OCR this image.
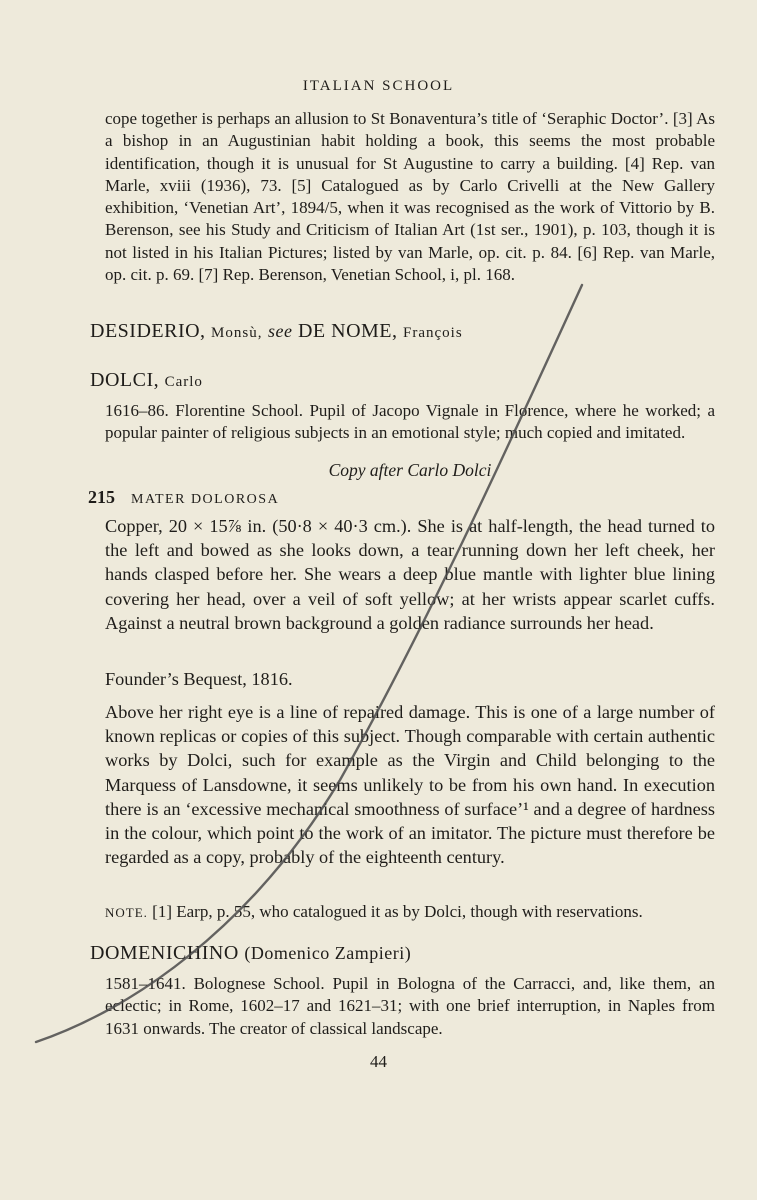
ITALIAN SCHOOL
cope together is perhaps an allusion to St Bonaventura’s title of ‘Seraphic Doctor’. [3] As a bishop in an Augustinian habit holding a book, this seems the most probable identification, though it is unusual for St Augustine to carry a building. [4] Rep. van Marle, xviii (1936), 73. [5] Catalogued as by Carlo Crivelli at the New Gallery exhibition, ‘Venetian Art’, 1894/5, when it was recognised as the work of Vittorio by B. Berenson, see his Study and Criticism of Italian Art (1st ser., 1901), p. 103, though it is not listed in his Italian Pictures; listed by van Marle, op. cit. p. 84. [6] Rep. van Marle, op. cit. p. 69. [7] Rep. Berenson, Venetian School, i, pl. 168.
DESIDERIO, Monsù, see DE NOME, François
DOLCI, Carlo
1616–86. Florentine School. Pupil of Jacopo Vignale in Florence, where he worked; a popular painter of religious subjects in an emotional style; much copied and imitated.
Copy after Carlo Dolci
215 MATER DOLOROSA
Copper, 20 × 15⅞ in. (50·8 × 40·3 cm.). She is at half-length, the head turned to the left and bowed as she looks down, a tear running down her left cheek, her hands clasped before her. She wears a deep blue mantle with lighter blue lining covering her head, over a veil of soft yellow; at her wrists appear scarlet cuffs. Against a neutral brown background a golden radiance surrounds her head.
Founder’s Bequest, 1816.
Above her right eye is a line of repaired damage. This is one of a large number of known replicas or copies of this subject. Though comparable with certain authentic works by Dolci, such for example as the Virgin and Child belonging to the Marquess of Lansdowne, it seems unlikely to be from his own hand. In execution there is an ‘excessive mechanical smoothness of surface’¹ and a degree of hardness in the colour, which point to the work of an imitator. The picture must therefore be regarded as a copy, probably of the eighteenth century.
NOTE. [1] Earp, p. 55, who catalogued it as by Dolci, though with reservations.
DOMENICHINO (Domenico Zampieri)
1581–1641. Bolognese School. Pupil in Bologna of the Carracci, and, like them, an eclectic; in Rome, 1602–17 and 1621–31; with one brief interruption, in Naples from 1631 onwards. The creator of classical landscape.
44
